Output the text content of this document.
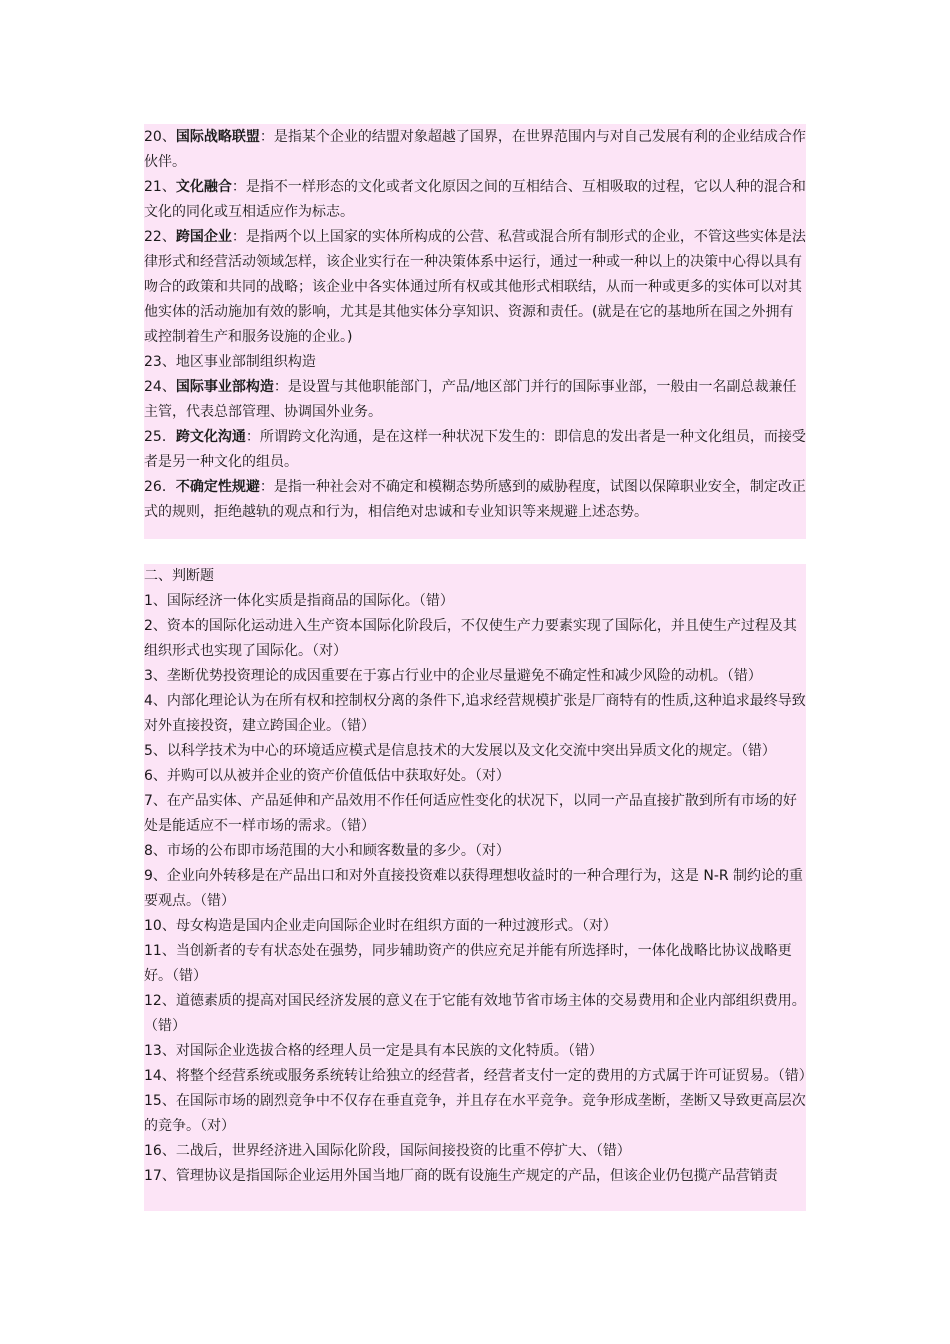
20、国际战略联盟：是指某个企业的结盟对象超越了国界，在世界范围内与对自己发展有利的企业结成合作伙伴。

21、文化融合：是指不一样形态的文化或者文化原因之间的互相结合、互相吸取的过程，它以人种的混合和文化的同化或互相适应作为标志。

22、跨国企业：是指两个以上国家的实体所构成的公营、私营或混合所有制形式的企业，不管这些实体是法律形式和经营活动领域怎样，该企业实行在一种决策体系中运行，通过一种或一种以上的决策中心得以具有吻合的政策和共同的战略；该企业中各实体通过所有权或其他形式相联结，从而一种或更多的实体可以对其他实体的活动施加有效的影响，尤其是其他实体分享知识、资源和责任。(就是在它的基地所在国之外拥有或控制着生产和服务设施的企业。)

23、地区事业部制组织构造

24、国际事业部构造：是设置与其他职能部门，产品/地区部门并行的国际事业部，一般由一名副总裁兼任主管，代表总部管理、协调国外业务。

25．跨文化沟通：所谓跨文化沟通，是在这样一种状况下发生的：即信息的发出者是一种文化组员，而接受者是另一种文化的组员。

26．不确定性规避：是指一种社会对不确定和模糊态势所感到的威胁程度，试图以保障职业安全，制定改正式的规则，拒绝越轨的观点和行为，相信绝对忠诚和专业知识等来规避上述态势。

二、判断题

1、国际经济一体化实质是指商品的国际化。（错）

2、资本的国际化运动进入生产资本国际化阶段后，不仅使生产力要素实现了国际化，并且使生产过程及其组织形式也实现了国际化。（对）

3、垄断优势投资理论的成因重要在于寡占行业中的企业尽量避免不确定性和减少风险的动机。（错）

4、内部化理论认为在所有权和控制权分离的条件下,追求经营规模扩张是厂商特有的性质,这种追求最终导致对外直接投资，建立跨国企业。（错）

5、以科学技术为中心的环境适应模式是信息技术的大发展以及文化交流中突出异质文化的规定。（错）

6、并购可以从被并企业的资产价值低估中获取好处。（对）

7、在产品实体、产品延伸和产品效用不作任何适应性变化的状况下，以同一产品直接扩散到所有市场的好处是能适应不一样市场的需求。（错）

8、市场的公布即市场范围的大小和顾客数量的多少。（对）

9、企业向外转移是在产品出口和对外直接投资难以获得理想收益时的一种合理行为，这是 N-R 制约论的重要观点。（错）

10、母女构造是国内企业走向国际企业时在组织方面的一种过渡形式。（对）

11、当创新者的专有状态处在强势，同步辅助资产的供应充足并能有所选择时，一体化战略比协议战略更好。（错）

12、道德素质的提高对国民经济发展的意义在于它能有效地节省市场主体的交易费用和企业内部组织费用。（错）

13、对国际企业选拔合格的经理人员一定是具有本民族的文化特质。（错）

14、将整个经营系统或服务系统转让给独立的经营者，经营者支付一定的费用的方式属于许可证贸易。（错）

15、在国际市场的剧烈竞争中不仅存在垂直竞争，并且存在水平竞争。竞争形成垄断，垄断又导致更高层次的竞争。（对）

16、二战后，世界经济进入国际化阶段，国际间接投资的比重不停扩大、（错）

17、管理协议是指国际企业运用外国当地厂商的既有设施生产规定的产品，但该企业仍包揽产品营销责
